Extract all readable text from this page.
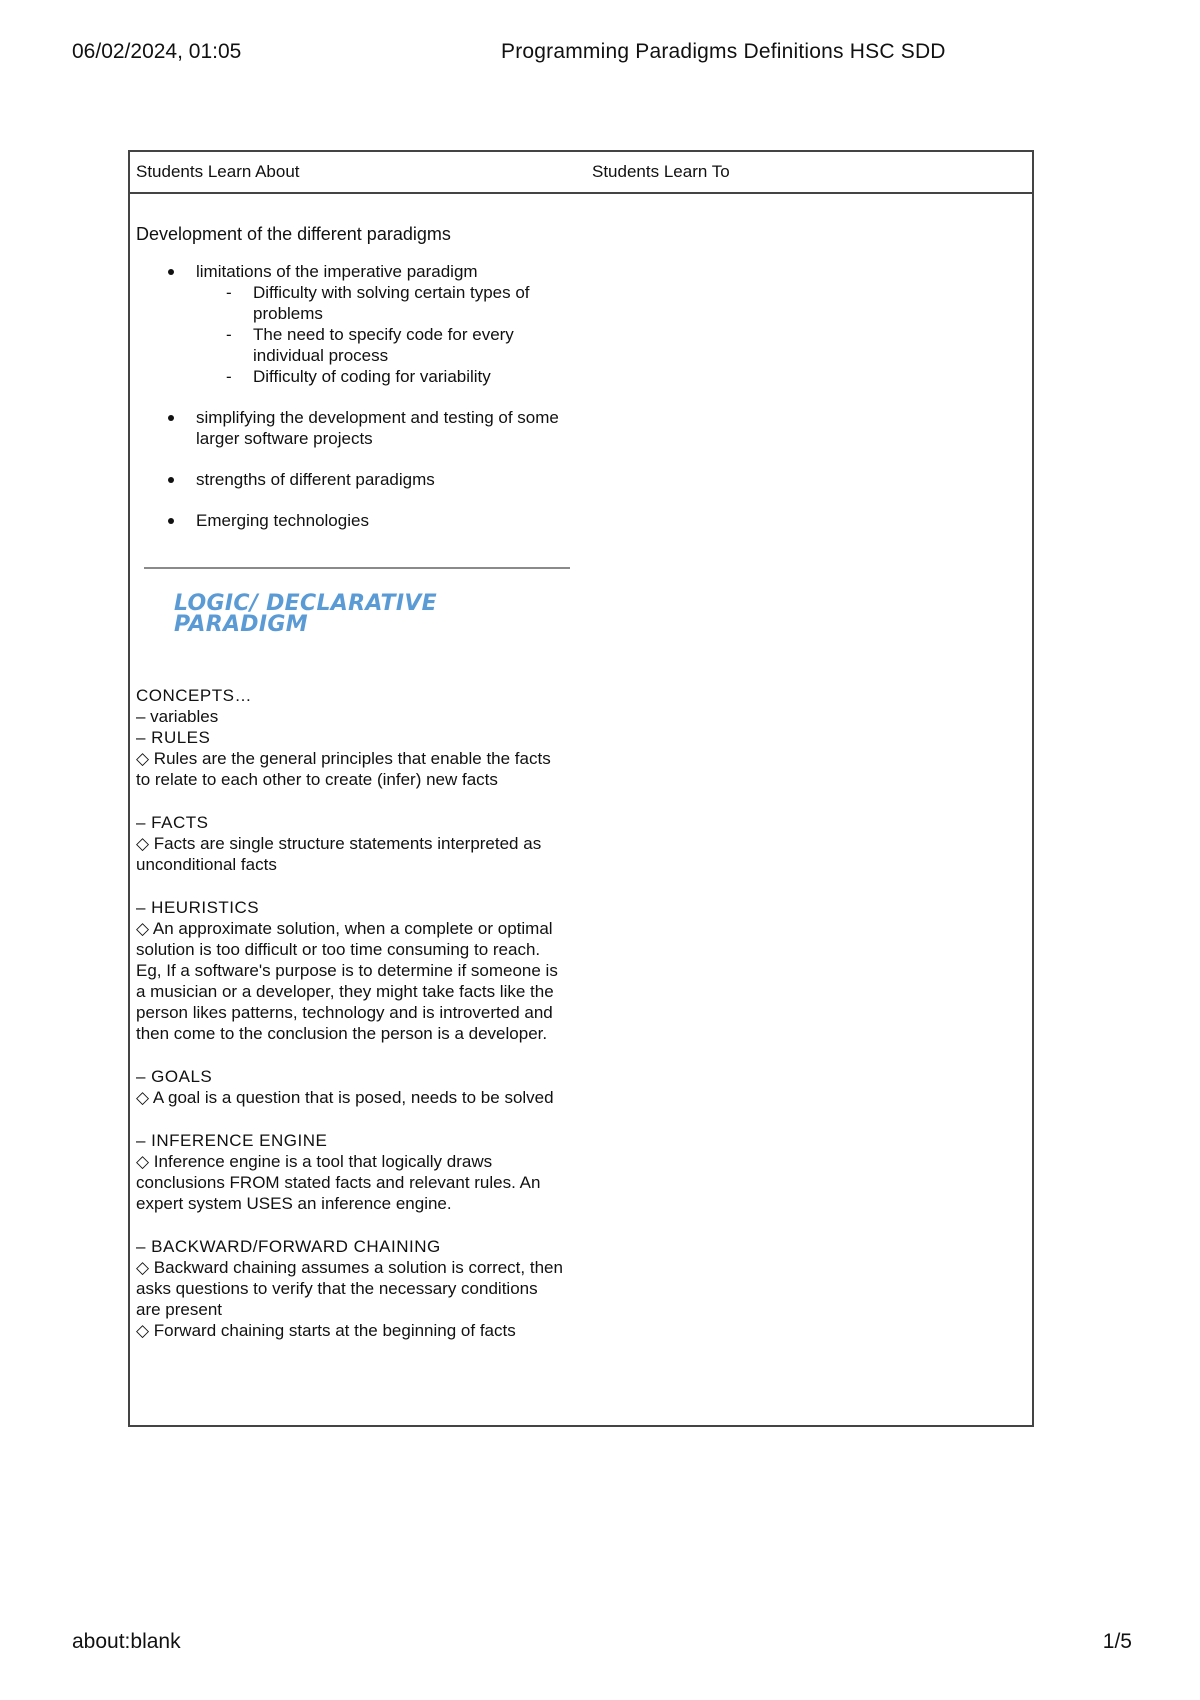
06/02/2024, 01:05	Programming Paradigms Definitions HSC SDD
Students Learn About	Students Learn To
Development of the different paradigms
limitations of the imperative paradigm
- Difficulty with solving certain types of problems
- The need to specify code for every individual process
- Difficulty of coding for variability
simplifying the development and testing of some larger software projects
strengths of different paradigms
Emerging technologies
LOGIC/ DECLARATIVE PARADIGM

CONCEPTS…

– variables

– RULES

◇ Rules are the general principles that enable the facts to relate to each other to create (infer) new facts

– FACTS

◇ Facts are single structure statements interpreted as unconditional facts

– HEURISTICS

◇ An approximate solution, when a complete or optimal solution is too difficult or too time consuming to reach. Eg, If a software's purpose is to determine if someone is a musician or a developer, they might take facts like the person likes patterns, technology and is introverted and then come to the conclusion the person is a developer.

– GOALS

◇ A goal is a question that is posed, needs to be solved

– INFERENCE ENGINE

◇ Inference engine is a tool that logically draws conclusions FROM stated facts and relevant rules. An expert system USES an inference engine.

– BACKWARD/FORWARD CHAINING

◇ Backward chaining assumes a solution is correct, then asks questions to verify that the necessary conditions are present

◇ Forward chaining starts at the beginning of facts

about:blank	1/5
